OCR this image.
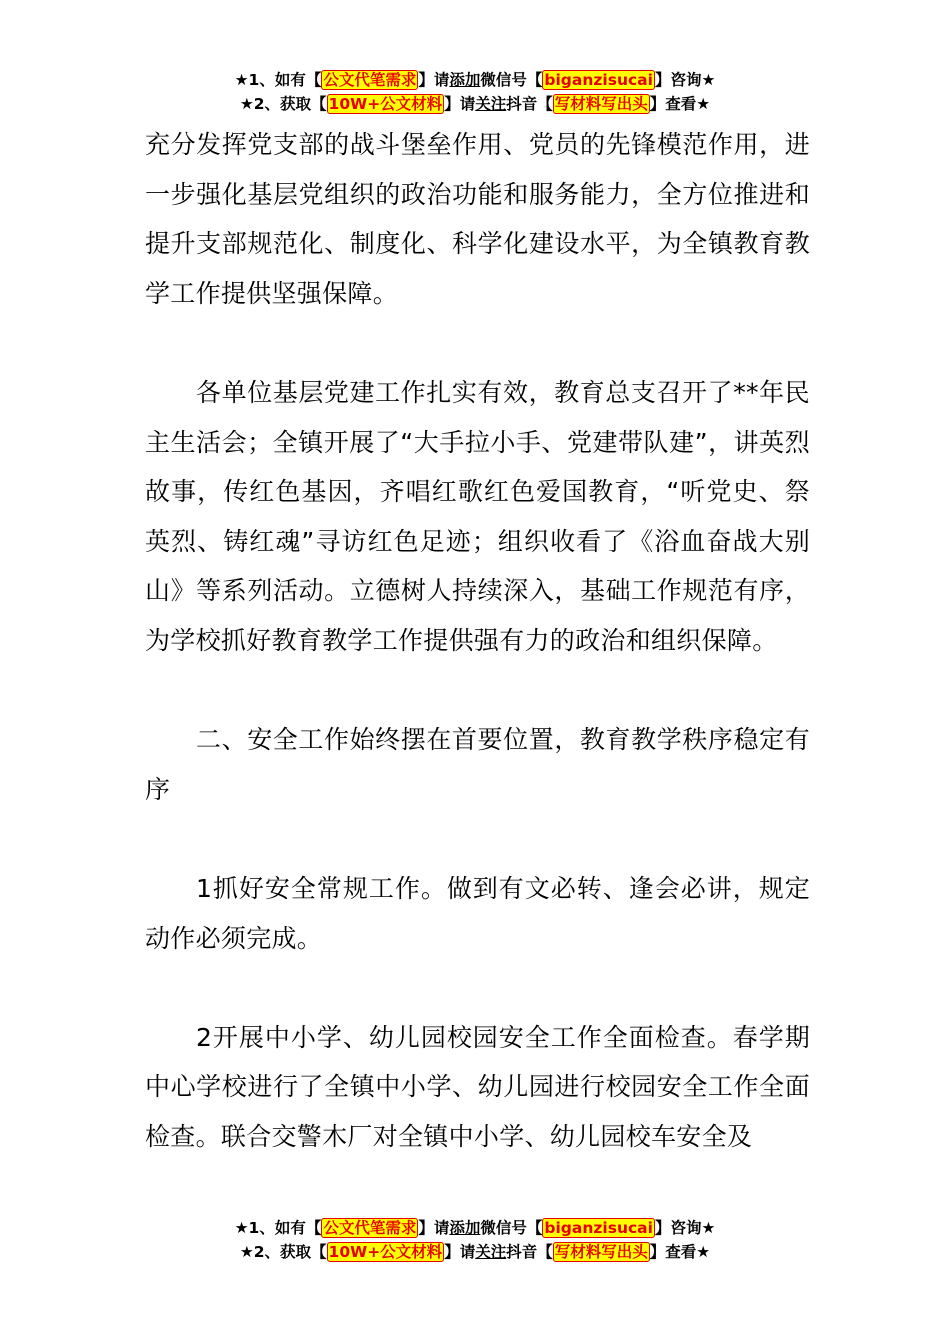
★1、如有【 公文代笔需求 】请添加微信号【 biganzisucai 】咨询★
★2、获取【 10W+公文材料 】请关注抖音【 写材料写出头 】查看★

充分发挥党支部的战斗堡垒作用、党员的先锋模范作用，进一步强化基层党组织的政治功能和服务能力，全方位推进和提升支部规范化、制度化、科学化建设水平，为全镇教育教学工作提供坚强保障。

各单位基层党建工作扎实有效，教育总支召开了**年民主生活会；全镇开展了“大手拉小手、党建带队建”，讲英烈故事，传红色基因，齐唱红歌红色爱国教育，“听党史、祭英烈、铸红魂”寻访红色足迹；组织收看了《浴血奋战大别山》等系列活动。立德树人持续深入，基础工作规范有序，为学校抓好教育教学工作提供强有力的政治和组织保障。

二、安全工作始终摆在首要位置，教育教学秩序稳定有序

1抓好安全常规工作。做到有文必转、逢会必讲，规定动作必须完成。

2开展中小学、幼儿园校园安全工作全面检查。春学期中心学校进行了全镇中小学、幼儿园进行校园安全工作全面检查。联合交警木厂对全镇中小学、幼儿园校车安全及

★1、如有【 公文代笔需求 】请添加微信号【 biganzisucai 】咨询★
★2、获取【 10W+公文材料 】请关注抖音【 写材料写出头 】查看★
